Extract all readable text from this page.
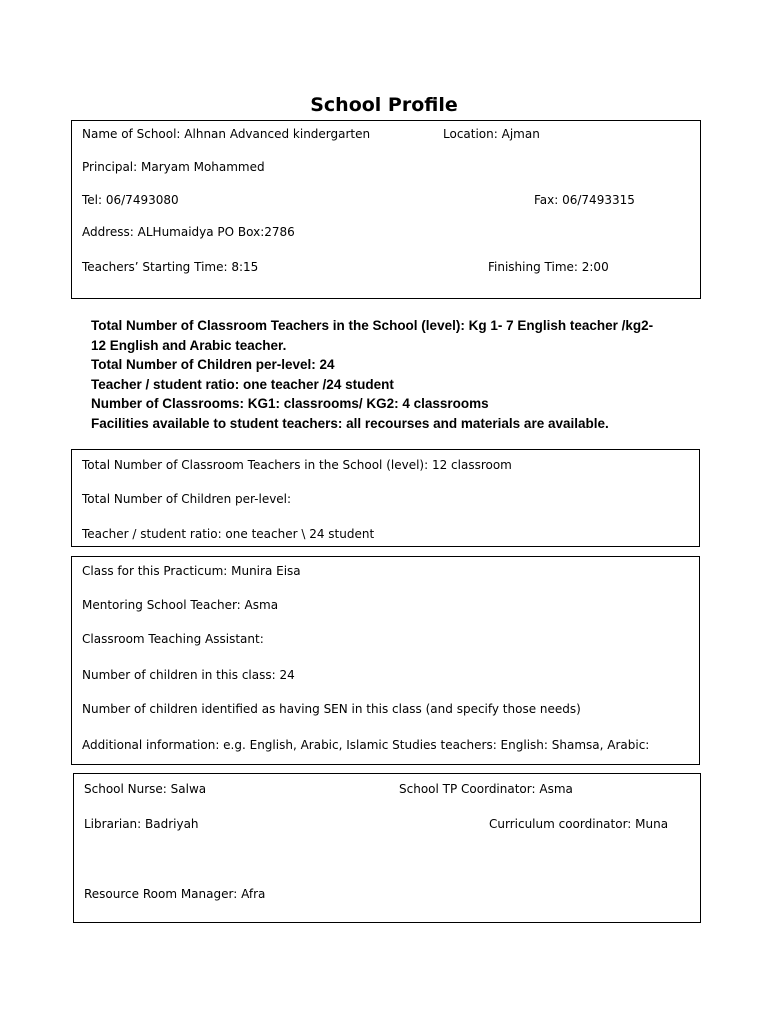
School Profile
Name of School: Alhnan Advanced kindergarten	Location: Ajman
Principal: Maryam Mohammed
Tel: 06/7493080	Fax: 06/7493315
Address: ALHumaidya PO Box:2786
Teachers’ Starting Time: 8:15	Finishing Time: 2:00
Total Number of Classroom Teachers in the School (level): Kg 1- 7 English teacher /kg2-
12 English and Arabic teacher.
Total Number of Children per-level: 24
Teacher / student ratio: one teacher /24 student
Number of Classrooms: KG1: classrooms/ KG2: 4 classrooms
Facilities available to student teachers: all recourses and materials are available.
Total Number of Classroom Teachers in the School (level): 12 classroom
Total Number of Children per-level:
Teacher / student ratio: one teacher \ 24 student
Class for this Practicum: Munira Eisa
Mentoring School Teacher: Asma
Classroom Teaching Assistant:
Number of children in this class: 24
Number of children identified as having SEN in this class (and specify those needs)
Additional information: e.g. English, Arabic, Islamic Studies teachers: English: Shamsa, Arabic:
School Nurse: Salwa	School TP Coordinator: Asma
Librarian: Badriyah	Curriculum coordinator: Muna
Resource Room Manager: Afra
